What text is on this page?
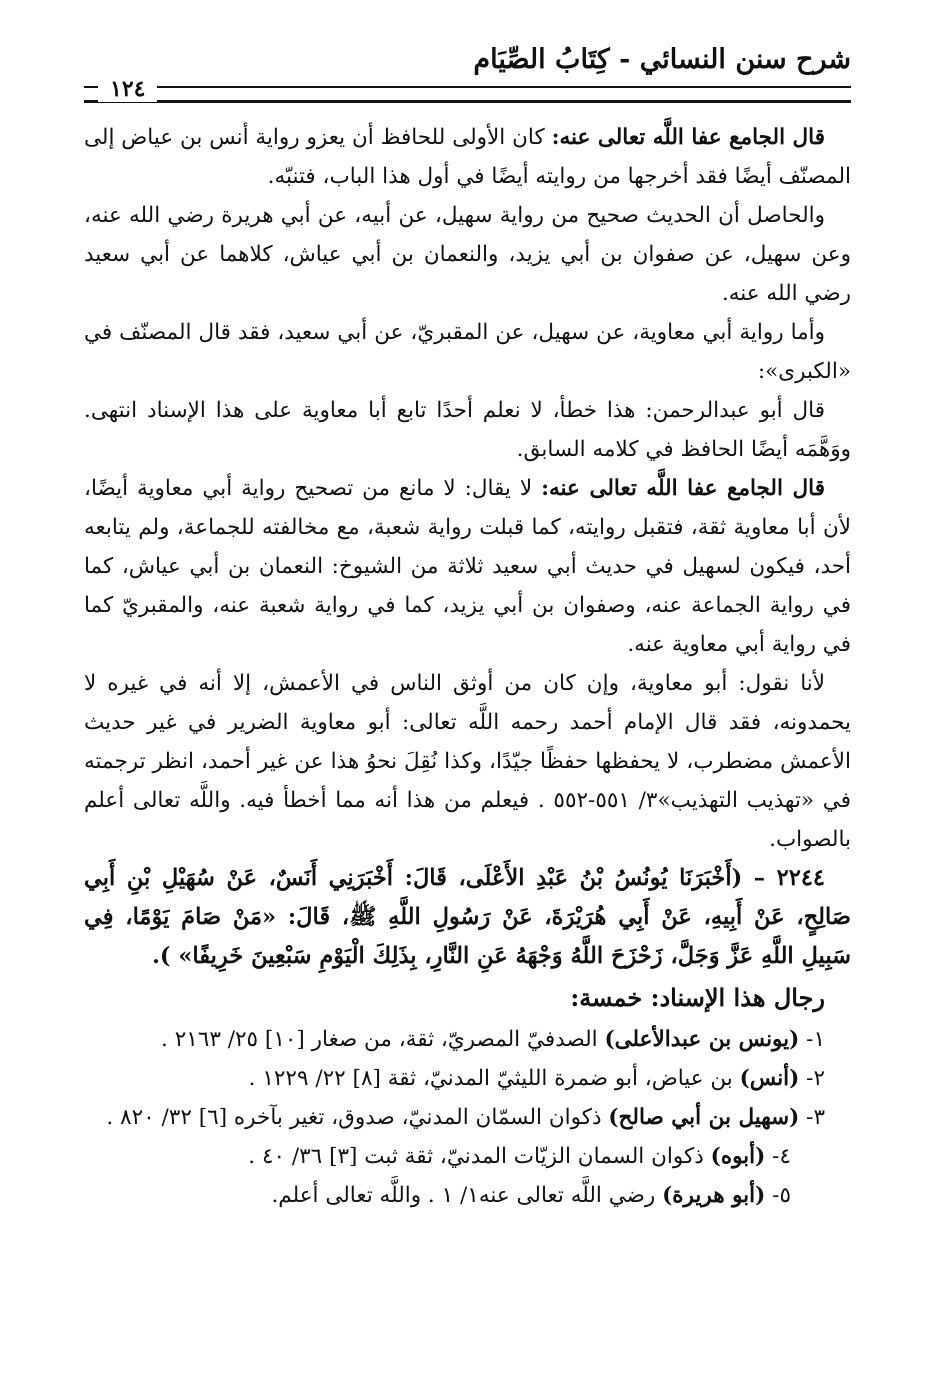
شرح سنن النسائي - كِتَابُ الصِّيَام
١٢٤

قال الجامع عفا اللَّه تعالى عنه: كان الأولى للحافظ أن يعزو رواية أنس بن عياض إلى المصنّف أيضًا فقد أخرجها من روايته أيضًا في أول هذا الباب، فتنبّه.

والحاصل أن الحديث صحيح من رواية سهيل، عن أبيه، عن أبي هريرة رضي الله عنه، وعن سهيل، عن صفوان بن أبي يزيد، والنعمان بن أبي عياش، كلاهما عن أبي سعيد رضي الله عنه.

وأما رواية أبي معاوية، عن سهيل، عن المقبريّ، عن أبي سعيد، فقد قال المصنّف في «الكبرى»:

قال أبو عبدالرحمن: هذا خطأ، لا نعلم أحدًا تابع أبا معاوية على هذا الإسناد انتهى. ووَهَّمَه أيضًا الحافظ في كلامه السابق.

قال الجامع عفا اللَّه تعالى عنه: لا يقال: لا مانع من تصحيح رواية أبي معاوية أيضًا، لأن أبا معاوية ثقة، فتقبل روايته، كما قبلت رواية شعبة، مع مخالفته للجماعة، ولم يتابعه أحد، فيكون لسهيل في حديث أبي سعيد ثلاثة من الشيوخ: النعمان بن أبي عياش، كما في رواية الجماعة عنه، وصفوان بن أبي يزيد، كما في رواية شعبة عنه، والمقبريّ كما في رواية أبي معاوية عنه.

لأنا نقول: أبو معاوية، وإن كان من أوثق الناس في الأعمش، إلا أنه في غيره لا يحمدونه، فقد قال الإمام أحمد رحمه اللَّه تعالى: أبو معاوية الضرير في غير حديث الأعمش مضطرب، لا يحفظها حفظًا جيّدًا، وكذا نُقِلَ نحوُ هذا عن غير أحمد، انظر ترجمته في «تهذيب التهذيب»٣/ ٥٥١-٥٥٢ . فيعلم من هذا أنه مما أخطأ فيه. واللَّه تعالى أعلم بالصواب.

٢٢٤٤ – (أَخْبَرَنَا يُونُسُ بْنُ عَبْدِ الأَعْلَى، قَالَ: أَخْبَرَنِي أَنَسٌ، عَنْ سُهَيْلِ بْنِ أَبِي صَالِحٍ، عَنْ أَبِيهِ، عَنْ أَبِي هُرَيْرَةَ، عَنْ رَسُولِ اللَّهِ ﷺ، قَالَ: «مَنْ صَامَ يَوْمًا، فِي سَبِيلِ اللَّهِ عَزَّ وَجَلَّ، زَحْزَحَ اللَّهُ وَجْهَهُ عَنِ النَّارِ، بِذَلِكَ الْيَوْمِ سَبْعِينَ خَرِيفًا» ).

رجال هذا الإسناد: خمسة:

١- (يونس بن عبدالأعلى) الصدفيّ المصريّ، ثقة، من صغار [١٠] ٢٥/ ٢١٦٣ .
٢- (أنس) بن عياض، أبو ضمرة الليثيّ المدنيّ، ثقة [٨] ٢٢/ ١٢٢٩ .
٣- (سهيل بن أبي صالح) ذكوان السمّان المدنيّ، صدوق، تغير بآخره [٦] ٣٢/ ٨٢٠ .
٤- (أبوه) ذكوان السمان الزيّات المدنيّ، ثقة ثبت [٣] ٣٦/ ٤٠ .
٥- (أبو هريرة) رضي اللَّه تعالى عنه١/ ١ . واللَّه تعالى أعلم.
